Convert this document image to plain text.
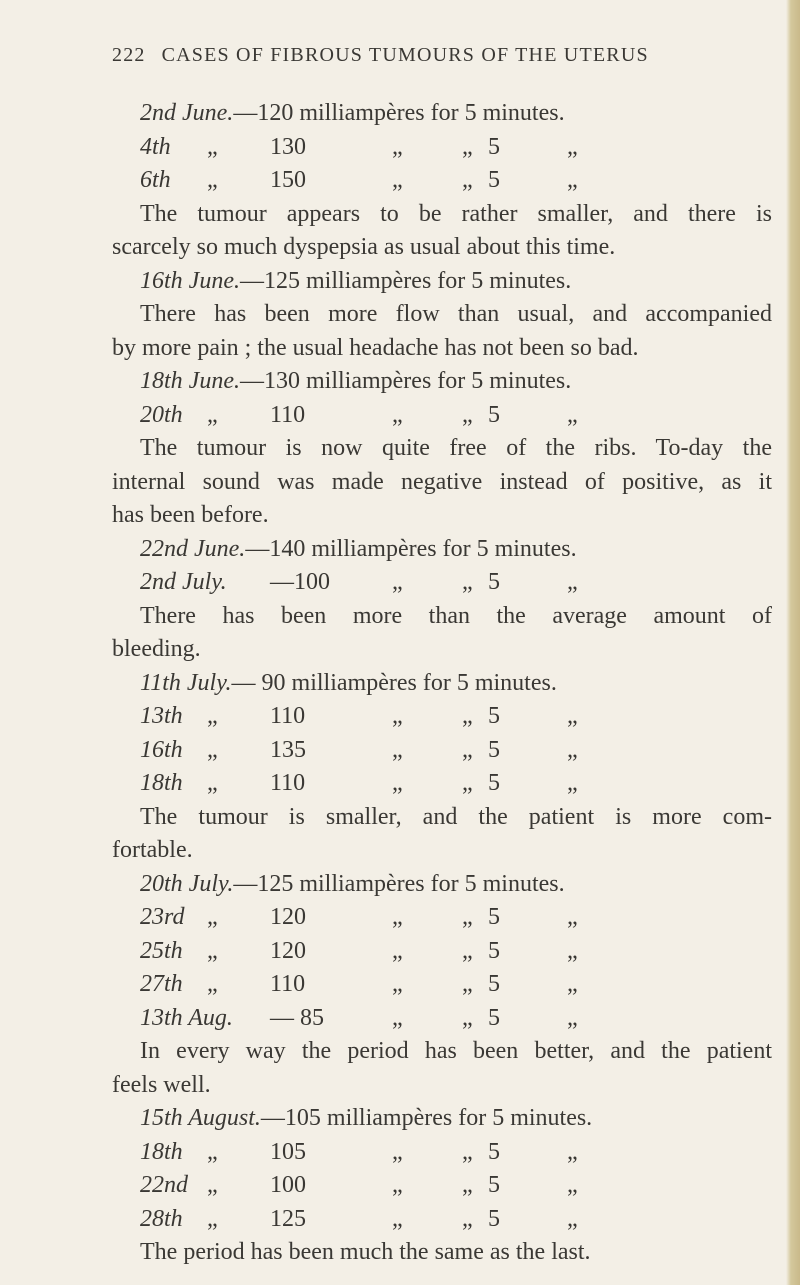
222 CASES OF FIBROUS TUMOURS OF THE UTERUS
2nd June.—120 milliampères for 5 minutes.
4th „ 130	„ „ 5	„
6th „ 150	„ „ 5	„
The tumour appears to be rather smaller, and there is
scarcely so much dyspepsia as usual about this time.
16th June.—125 milliampères for 5 minutes.
There has been more flow than usual, and accompanied
by more pain ; the usual headache has not been so bad.
18th June.—130 milliampères for 5 minutes.
20th „ 110	„ „ 5	„
The tumour is now quite free of the ribs. To-day the
internal sound was made negative instead of positive, as it
has been before.
22nd June.—140 milliampères for 5 minutes.
2nd July. —100	„ „ 5	„
There has been more than the average amount of
bleeding.
11th July.— 90 milliampères for 5 minutes.
13th „ 110	„ „ 5	„
16th „ 135	„ „ 5	„
18th „ 110	„ „ 5	„
The tumour is smaller, and the patient is more com-
fortable.
20th July.—125 milliampères for 5 minutes.
23rd „ 120	„ „ 5	„
25th „ 120	„ „ 5	„
27th „ 110	„ „ 5	„
13th Aug. — 85	„ „ 5	„
In every way the period has been better, and the patient
feels well.
15th August.—105 milliampères for 5 minutes.
18th „ 105	„ „ 5	„
22nd „ 100	„ „ 5	„
28th „ 125	„ „ 5	„
The period has been much the same as the last.
